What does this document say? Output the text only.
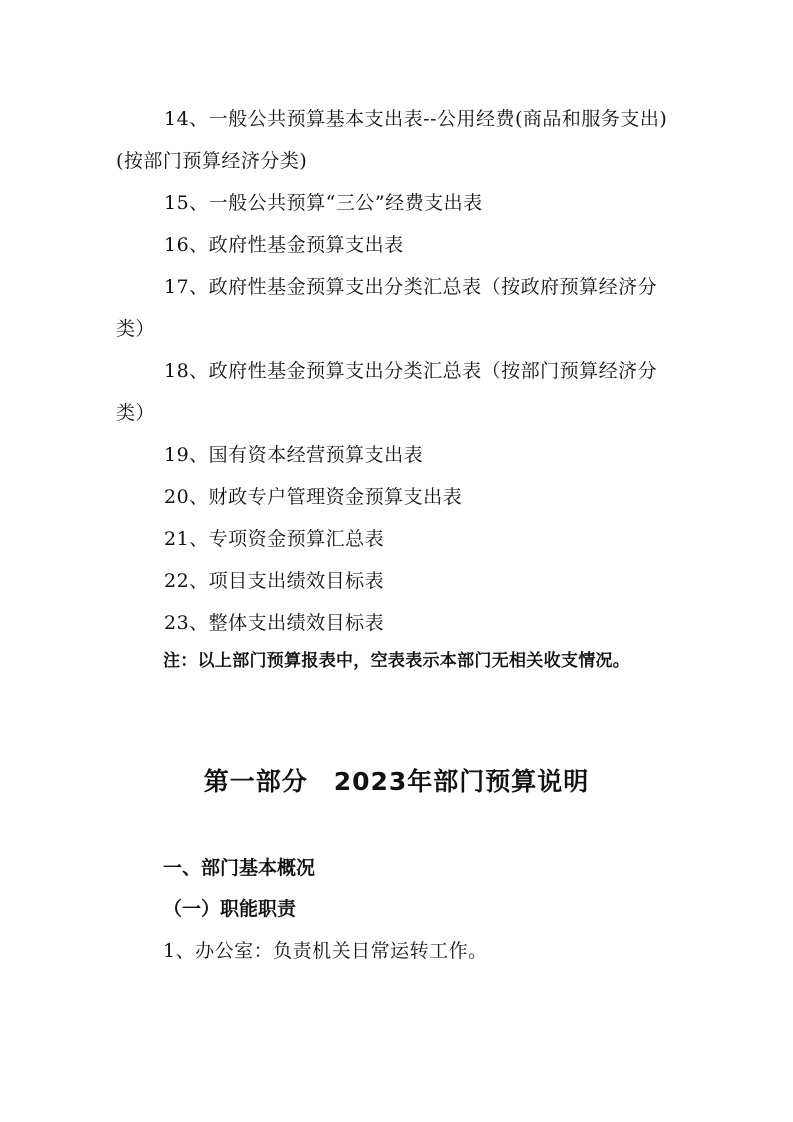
14、一般公共预算基本支出表--公用经费(商品和服务支出)(按部门预算经济分类)
15、一般公共预算“三公”经费支出表
16、政府性基金预算支出表
17、政府性基金预算支出分类汇总表（按政府预算经济分类）
18、政府性基金预算支出分类汇总表（按部门预算经济分类）
19、国有资本经营预算支出表
20、财政专户管理资金预算支出表
21、专项资金预算汇总表
22、项目支出绩效目标表
23、整体支出绩效目标表
注：以上部门预算报表中，空表表示本部门无相关收支情况。
第一部分 2023年部门预算说明
一、部门基本概况
（一）职能职责
1、办公室：负责机关日常运转工作。
